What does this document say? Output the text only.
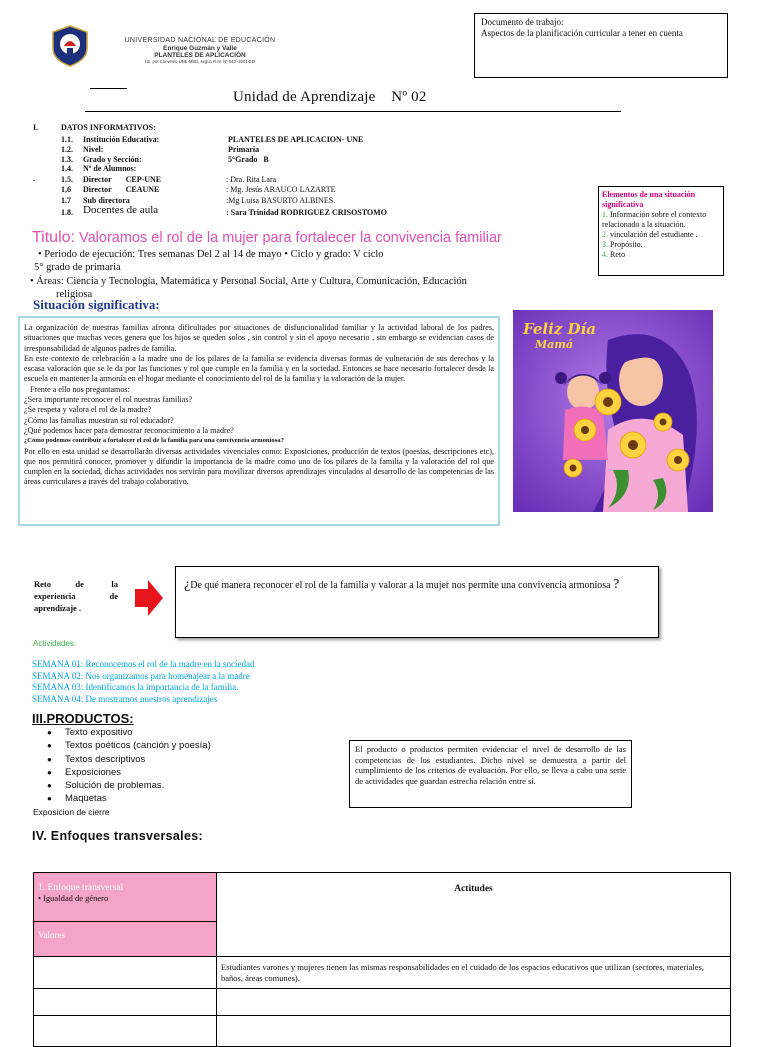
UNIVERSIDAD NACIONAL DE EDUCACIÓN
Enrique Guzmán y Valle
PLANTELES DE APLICACIÓN
I.E. por Convenio UNE-MED, según R.M. Nº 043 -2001-ED
Documento de trabajo:
Aspectos de la planificación curricular a tener en cuenta
Unidad de Aprendizaje    Nº 02
I.	DATOS INFORMATIVOS:
1.1. Institución Educativa:	PLANTELES DE APLICACION- UNE
1.2. Nivel:	Primaria
1.3. Grado y Sección:	5°Grado   B
1.4. Nº de Alumnos:
.	1.5. Director       CEP-UNE	: Dra. Rita Lara
1,6 Director       CEAUNE	: Mg. Jesús ARAUCO LAZARTE
1.7 Sub directora	:Mg Luisa BASURTO ALBINES.
1.8. Docentes de aula	: Sara Trinidad RODRIGUEZ CRISOSTOMO
Elementos de una situación significativa
1. Información sobre el contexto relacionado a la situación.
2. vinculación del estudiante .
3. Propósito.
4. Reto
Titulo: Valoramos el rol de la mujer para fortalecer la convivencia familiar
• Periodo de ejecución: Tres semanas Del 2 al 14 de mayo • Ciclo y grado: V ciclo
5° grado de primaria
• Áreas: Ciencia y Tecnología, Matemática y Personal Social, Arte y Cultura, Comunicación, Educación
religiosa
Situación significativa:

La organización de nuestras familias afronta dificultades por situaciones de disfuncionalidad familiar y la actividad laboral de los padres, situaciones que muchas veces genera que los hijos se queden solos , sin control y sin el apoyo necesario , sin embargo se evidencian casos de irresponsabilidad de algunos padres de familia.

En este contexto de celebración a la madre uno de los pilares de la familia se evidencia diversas formas de vulneración de sus derechos y la escasa valoración que se le da por las funciones y rol que cumple en la familia y en la sociedad. Entonces se hace necesario fortalecer desde la escuela en mantener la armonía en el hogar mediante el conocimiento del rol de la familia y la valoración de la mujer.

Frente a ello nos preguntamos:

¿Sera importante reconocer el rol nuestras familias?

¿Se respeta y valora el rol de la madre?

¿Cómo las familias muestran su rol educador?

¿Qué podemos hacer para demostrar reconocimiento a la madre?

¿Cómo podemos contribuir a fortalecer el rol de la familia para una convivencia armoniosa?

Por ello en esta unidad se desarrollarán diversas actividades vivenciales como: Exposiciones, producción de textos (poesías, descripciones etc), que nos permitirá conocer, promover y difundir la importancia de la madre como uno de los pilares de la familia y la valoración del rol que cumplen en la sociedad, dichas actividades nos servirán para movilizar diversos aprendizajes vinculados al desarrollo de las competencias de las áreas curriculares a través del trabajo colaborativo.

Feliz Día
Mamá
Reto        de         la experiencia           de aprendizaje .
¿De qué manera reconocer el rol de la familia y valorar a la mujer nos permite una convivencia armoniosa ?
Actividades:
SEMANA 01: Reconocemos el rol de la madre en la sociedad
SEMANA 02: Nos organizamos para homenajear a la madre
SEMANA 03: Identificamos la importancia de la familia.
SEMANA 04: De mostramos nuestros aprendizajes
III.PRODUCTOS:
● Texto expositivo
● Textos poéticos (canción y poesía)
● Textos descriptivos
● Exposiciones
● Solución de problemas.
● Maquetas
Exposicion de cierre
El producto o productos permiten evidenciar el nivel de desarrollo de las competencias de los estudiantes. Dicho nivel se demuestra a partir del cumplimiento de los criterios de evaluación. Por ello, se lleva a cabo una serie de actividades que guardan estrecha relación entre sí.
IV. Enfoques transversales:
1. Enfoque transversal
• Igualdad de género	Actitudes
Valores	
	Estudiantes varones y mujeres tienen las mismas responsabilidades en el cuidado de los espacios educativos que utilizan (sectores, materiales, baños, áreas comunes).
